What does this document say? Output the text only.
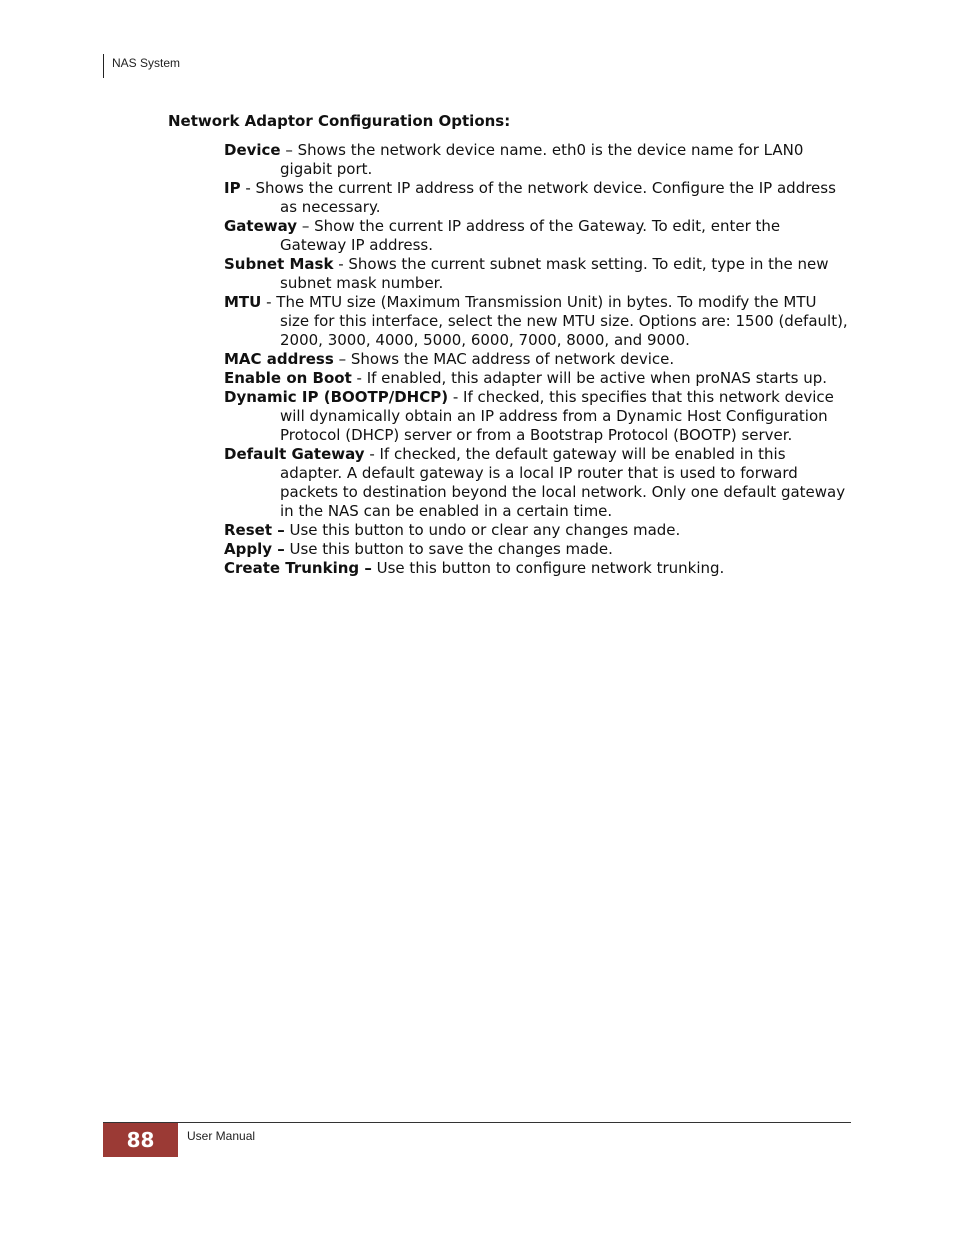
NAS System
Network Adaptor Configuration Options:

Device – Shows the network device name. eth0 is the device name for LAN0 gigabit port.

IP - Shows the current IP address of the network device. Configure the IP address as necessary.

Gateway – Show the current IP address of the Gateway. To edit, enter the Gateway IP address.

Subnet Mask - Shows the current subnet mask setting. To edit, type in the new subnet mask number.

MTU - The MTU size (Maximum Transmission Unit) in bytes. To modify the MTU size for this interface, select the new MTU size. Options are: 1500 (default), 2000, 3000, 4000, 5000, 6000, 7000, 8000, and 9000.

MAC address – Shows the MAC address of network device.

Enable on Boot - If enabled, this adapter will be active when proNAS starts up.

Dynamic IP (BOOTP/DHCP) - If checked, this specifies that this network device will dynamically obtain an IP address from a Dynamic Host Configuration Protocol (DHCP) server or from a Bootstrap Protocol (BOOTP) server.

Default Gateway - If checked, the default gateway will be enabled in this adapter. A default gateway is a local IP router that is used to forward packets to destination beyond the local network. Only one default gateway in the NAS can be enabled in a certain time.

Reset – Use this button to undo or clear any changes made.

Apply – Use this button to save the changes made.

Create Trunking – Use this button to configure network trunking.

88	User Manual
